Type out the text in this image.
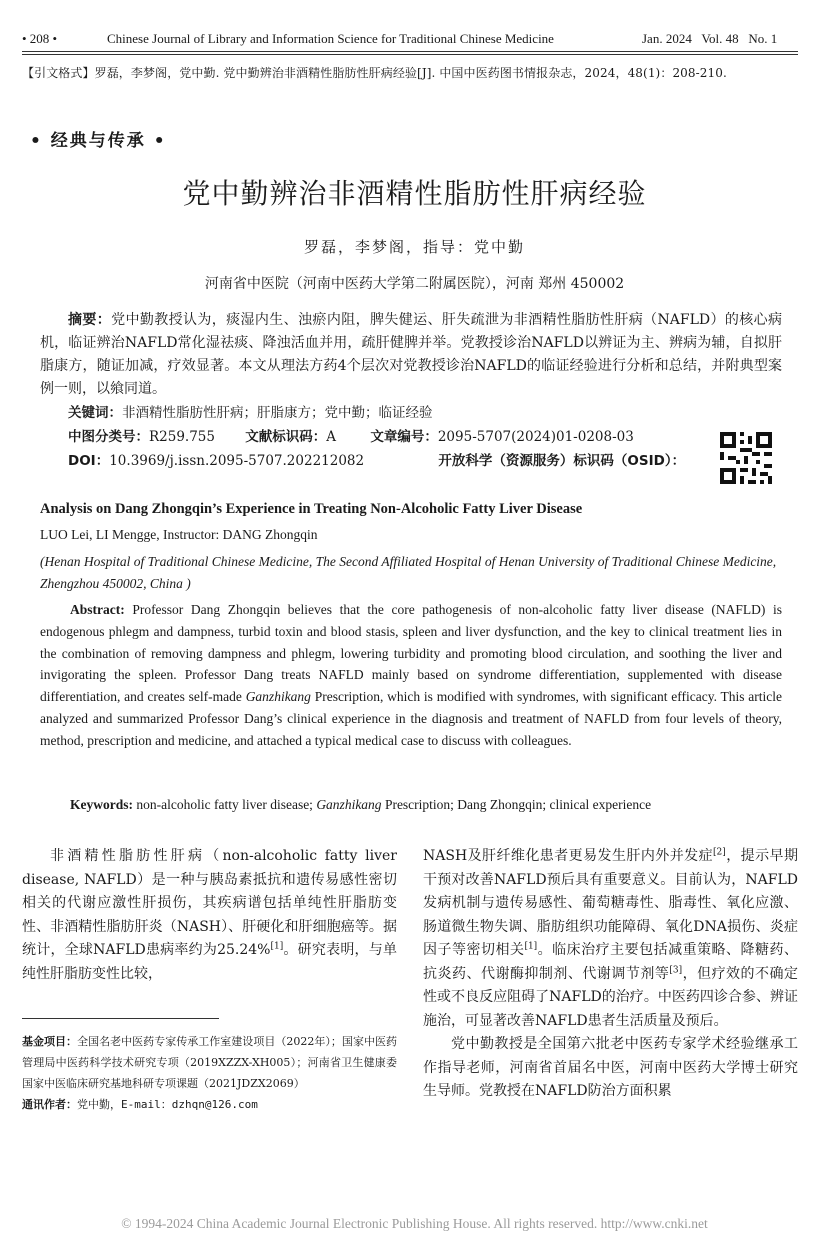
• 208 •	Chinese Journal of Library and Information Science for Traditional Chinese Medicine	Jan. 2024   Vol. 48   No. 1
【引文格式】罗磊，李梦阁，党中勤. 党中勤辨治非酒精性脂肪性肝病经验[J]. 中国中医药图书情报杂志，2024，48(1)：208-210.
• 经典与传承 •
党中勤辨治非酒精性脂肪性肝病经验
罗磊，李梦阁，指导：党中勤
河南省中医院（河南中医药大学第二附属医院），河南 郑州 450002
摘要：党中勤教授认为，痰湿内生、浊瘀内阻，脾失健运、肝失疏泄为非酒精性脂肪性肝病（NAFLD）的核心病机，临证辨治NAFLD常化湿祛痰、降浊活血并用，疏肝健脾并举。党教授诊治NAFLD以辨证为主、辨病为辅，自拟肝脂康方，随证加减，疗效显著。本文从理法方药4个层次对党教授诊治NAFLD的临证经验进行分析和总结，并附典型案例一则，以飨同道。
关键词：非酒精性脂肪性肝病；肝脂康方；党中勤；临证经验
中图分类号：R259.755 文献标识码：A	文章编号：2095-5707(2024)01-0208-03
DOI：10.3969/j.issn.2095-5707.202212082	开放科学（资源服务）标识码（OSID）：
Analysis on Dang Zhongqin’s Experience in Treating Non-Alcoholic Fatty Liver Disease
LUO Lei, LI Mengge, Instructor: DANG Zhongqin
(Henan Hospital of Traditional Chinese Medicine, The Second Affiliated Hospital of Henan University of Traditional Chinese Medicine, Zhengzhou 450002, China )
Abstract: Professor Dang Zhongqin believes that the core pathogenesis of non-alcoholic fatty liver disease (NAFLD) is endogenous phlegm and dampness, turbid toxin and blood stasis, spleen and liver dysfunction, and the key to clinical treatment lies in the combination of removing dampness and phlegm, lowering turbidity and promoting blood circulation, and soothing the liver and invigorating the spleen. Professor Dang treats NAFLD mainly based on syndrome differentiation, supplemented with disease differentiation, and creates self-made Ganzhikang Prescription, which is modified with syndromes, with significant efficacy. This article analyzed and summarized Professor Dang’s clinical experience in the diagnosis and treatment of NAFLD from four levels of theory, method, prescription and medicine, and attached a typical medical case to discuss with colleagues.
Keywords: non-alcoholic fatty liver disease; Ganzhikang Prescription; Dang Zhongqin; clinical experience

非酒精性脂肪性肝病（non-alcoholic fatty liver disease, NAFLD）是一种与胰岛素抵抗和遗传易感性密切相关的代谢应激性肝损伤，其疾病谱包括单纯性肝脂肪变性、非酒精性脂肪肝炎（NASH）、肝硬化和肝细胞癌等。据统计，全球NAFLD患病率约为25.24%[1]。研究表明，与单纯性肝脂肪变性比较，

基金项目：全国名老中医药专家传承工作室建设项目（2022年）；国家中医药管理局中医药科学技术研究专项（2019XZZX-XH005）；河南省卫生健康委国家中医临床研究基地科研专项课题（2021JDZX2069）
通讯作者：党中勤，E-mail：dzhqn@126.com

NASH及肝纤维化患者更易发生肝内外并发症[2]，提示早期干预对改善NAFLD预后具有重要意义。目前认为，NAFLD发病机制与遗传易感性、葡萄糖毒性、脂毒性、氧化应激、肠道微生物失调、脂肪组织功能障碍、氧化DNA损伤、炎症因子等密切相关[1]。临床治疗主要包括减重策略、降糖药、抗炎药、代谢酶抑制剂、代谢调节剂等[3]，但疗效的不确定性或不良反应阻碍了NAFLD的治疗。中医药四诊合参、辨证施治，可显著改善NAFLD患者生活质量及预后。

党中勤教授是全国第六批老中医药专家学术经验继承工作指导老师，河南省首届名中医，河南中医药大学博士研究生导师。党教授在NAFLD防治方面积累

© 1994-2024 China Academic Journal Electronic Publishing House. All rights reserved. http://www.cnki.net
